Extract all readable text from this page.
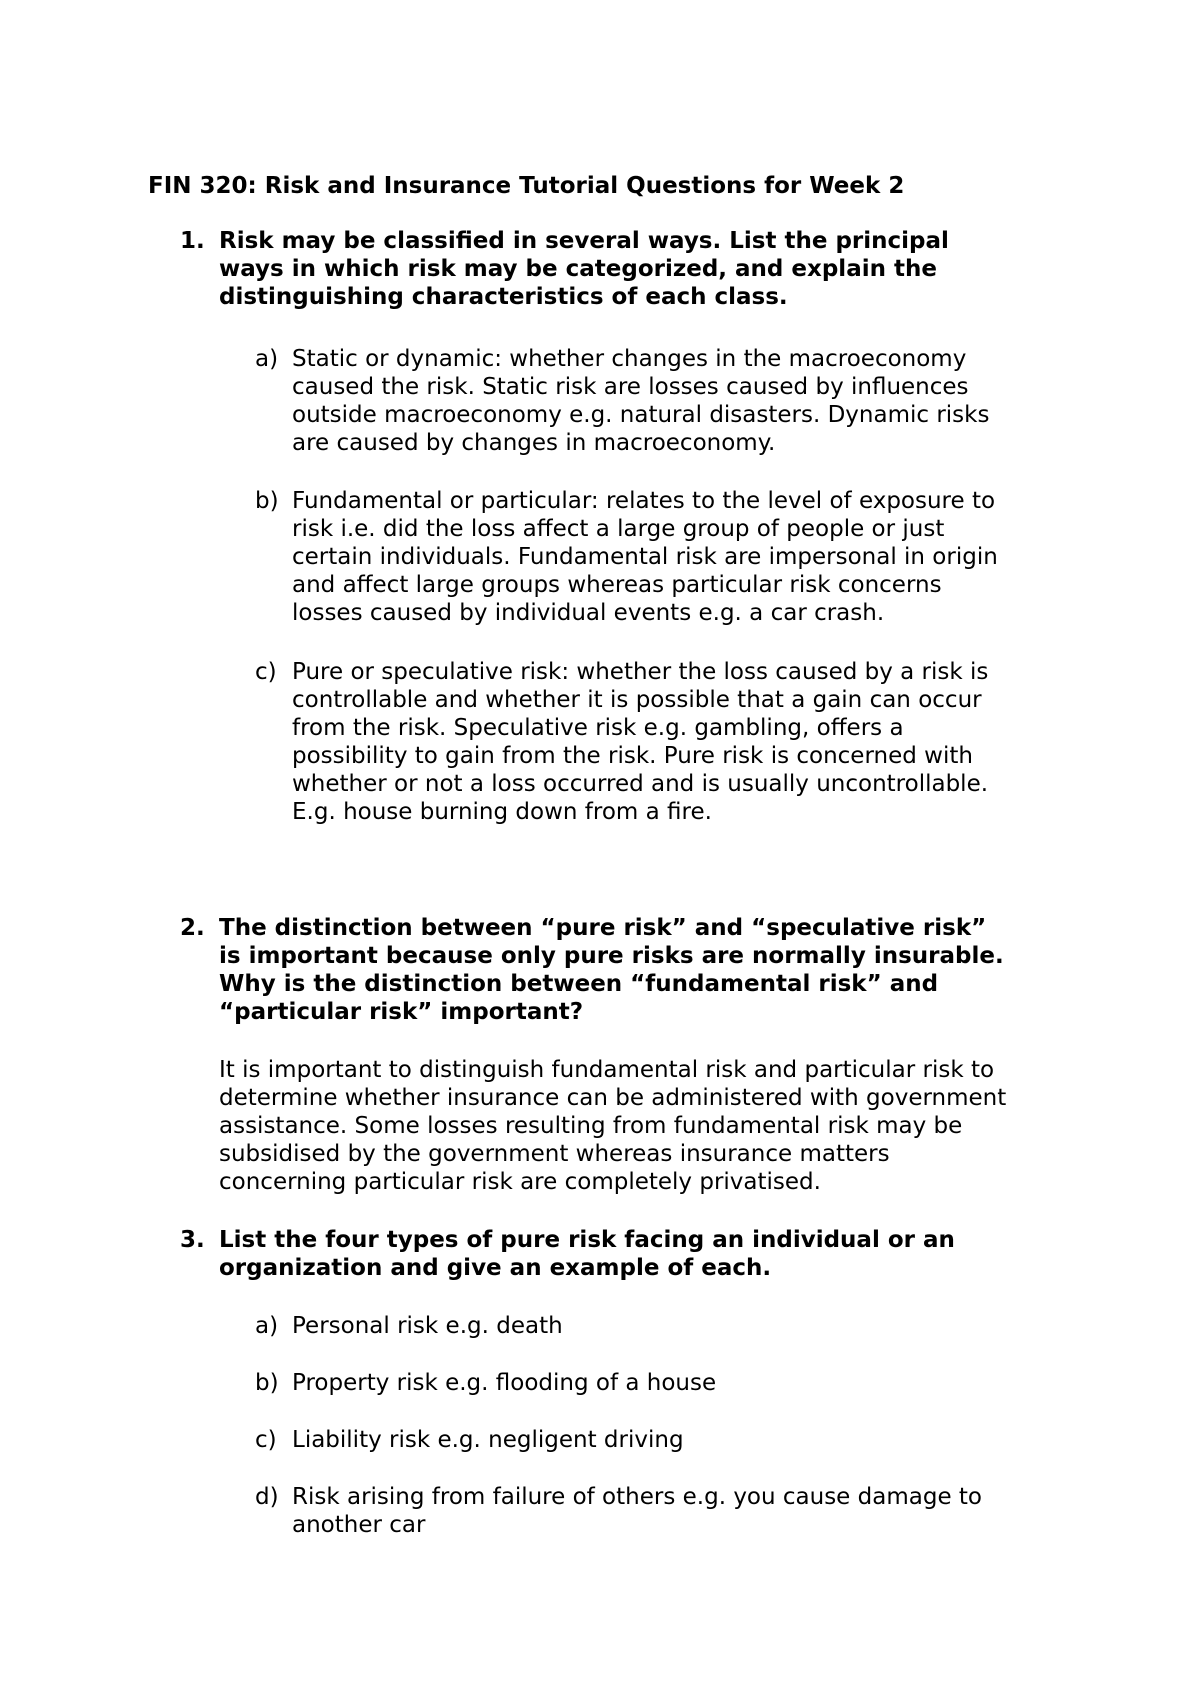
FIN 320: Risk and Insurance Tutorial Questions for Week 2
1. Risk may be classified in several ways. List the principal
ways in which risk may be categorized, and explain the
distinguishing characteristics of each class.
a) Static or dynamic: whether changes in the macroeconomy
caused the risk. Static risk are losses caused by influences
outside macroeconomy e.g. natural disasters. Dynamic risks
are caused by changes in macroeconomy.
b) Fundamental or particular: relates to the level of exposure to
risk i.e. did the loss affect a large group of people or just
certain individuals. Fundamental risk are impersonal in origin
and affect large groups whereas particular risk concerns
losses caused by individual events e.g. a car crash.
c) Pure or speculative risk: whether the loss caused by a risk is
controllable and whether it is possible that a gain can occur
from the risk. Speculative risk e.g. gambling, offers a
possibility to gain from the risk. Pure risk is concerned with
whether or not a loss occurred and is usually uncontrollable.
E.g. house burning down from a fire.
2. The distinction between “pure risk” and “speculative risk”
is important because only pure risks are normally insurable.
Why is the distinction between “fundamental risk” and
“particular risk” important?
It is important to distinguish fundamental risk and particular risk to
determine whether insurance can be administered with government
assistance. Some losses resulting from fundamental risk may be
subsidised by the government whereas insurance matters
concerning particular risk are completely privatised.
3. List the four types of pure risk facing an individual or an
organization and give an example of each.
a) Personal risk e.g. death
b) Property risk e.g. flooding of a house
c) Liability risk e.g. negligent driving
d) Risk arising from failure of others e.g. you cause damage to
another car
